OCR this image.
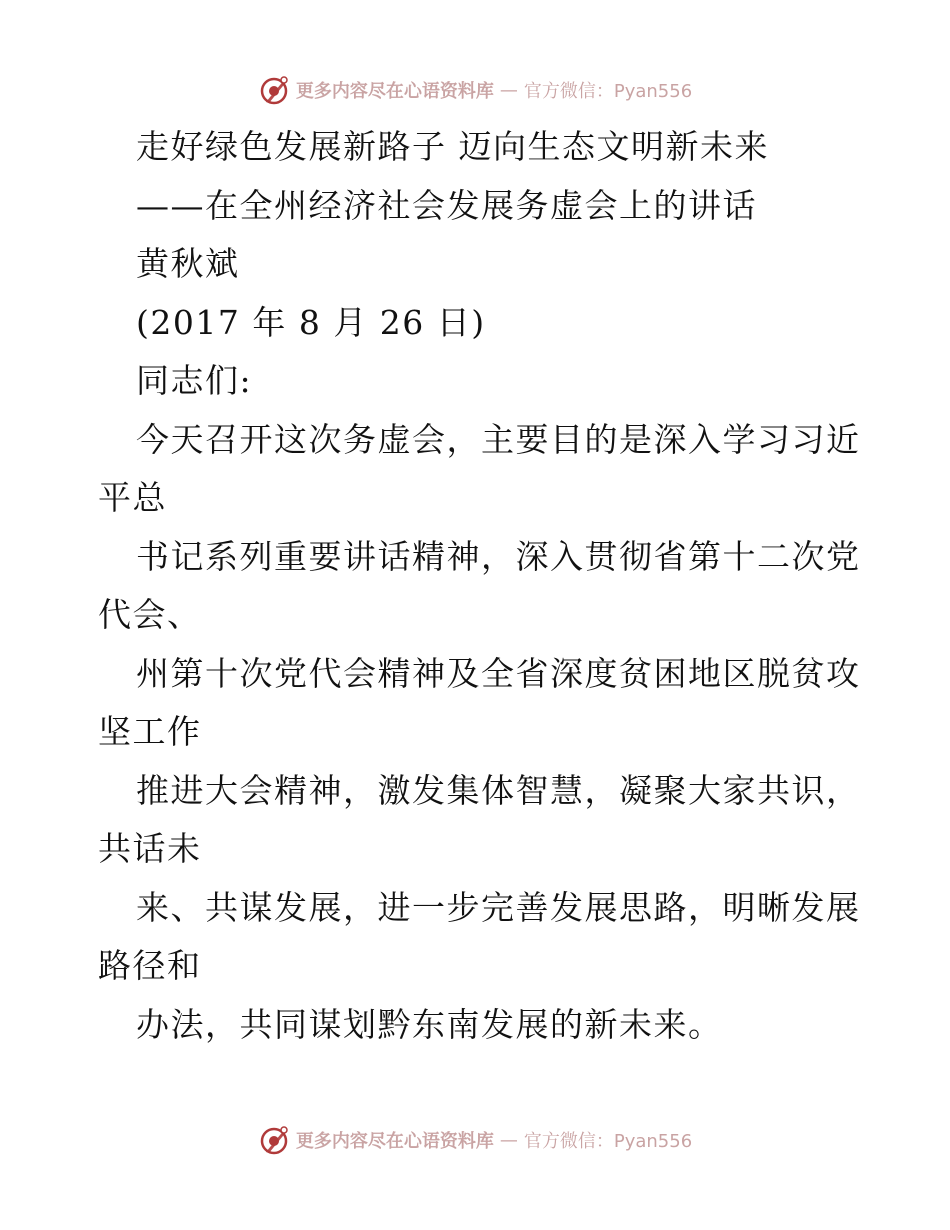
更多内容尽在心语资料库 — 官方微信：Pyan556
走好绿色发展新路子 迈向生态文明新未来
——在全州经济社会发展务虚会上的讲话
黄秋斌
(2017 年 8 月 26 日)
同志们:
今天召开这次务虚会，主要目的是深入学习习近
平总
书记系列重要讲话精神，深入贯彻省第十二次党
代会、
州第十次党代会精神及全省深度贫困地区脱贫攻
坚工作
推进大会精神，激发集体智慧，凝聚大家共识，
共话未
来、共谋发展，进一步完善发展思路，明晰发展
路径和
办法，共同谋划黔东南发展的新未来。
更多内容尽在心语资料库 — 官方微信：Pyan556
